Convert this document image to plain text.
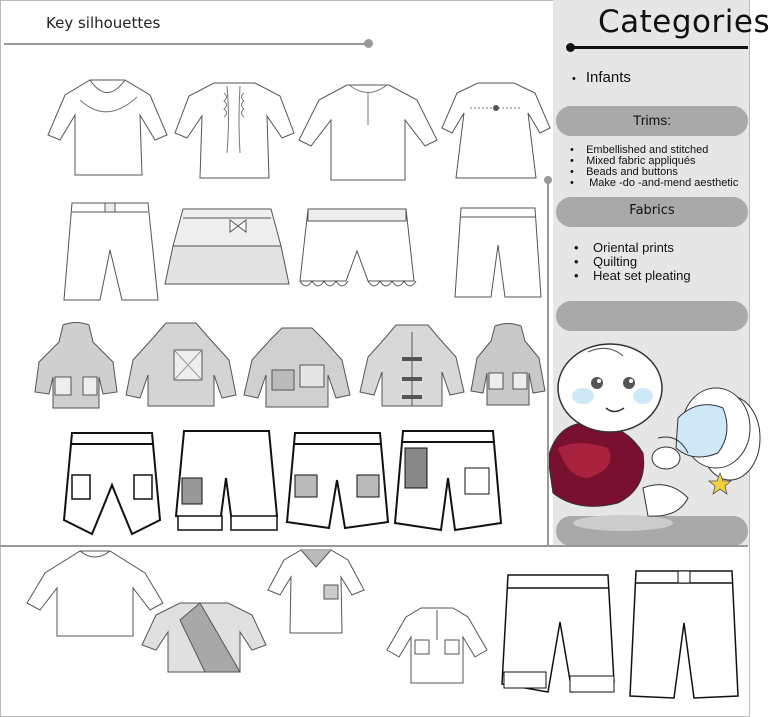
Key silhouettes	Categories
• Infants
Trims:
•    Embellished and stitched
•    Mixed fabric appliqués
•    Beads and buttons
•     Make -do -and-mend aesthetic
Fabrics
•    Oriental prints
•    Quilting
•    Heat set pleating
